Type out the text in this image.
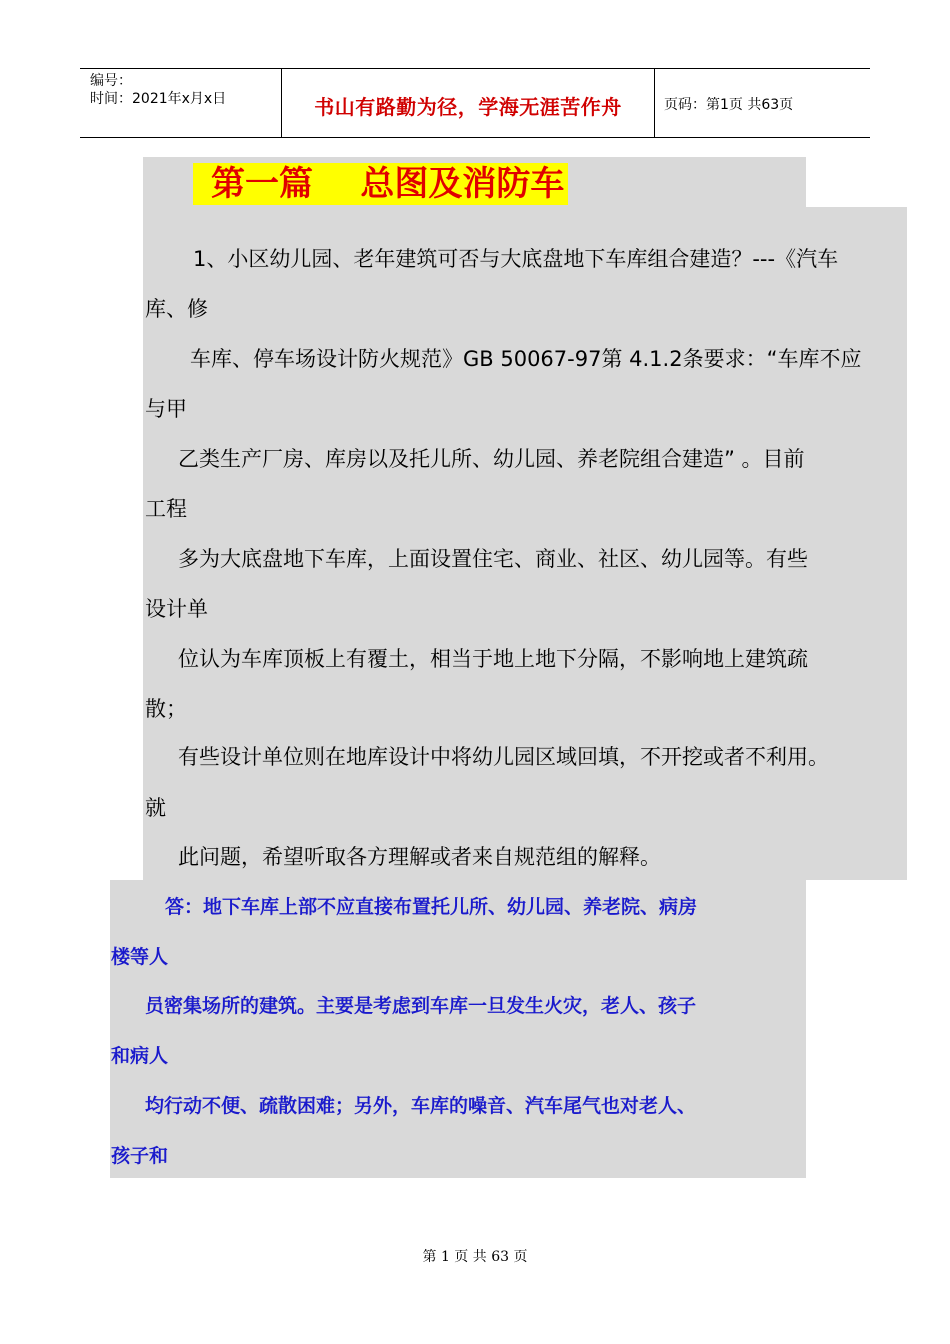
编号：
时间：2021年x月x日	书山有路勤为径，学海无涯苦作舟	页码：第1页 共63页
第一篇    总图及消防车
1、小区幼儿园、老年建筑可否与大底盘地下车库组合建造？---《汽车
库、修
车库、停车场设计防火规范》GB 50067-97第 4.1.2条要求：“车库不应
与甲
乙类生产厂房、库房以及托儿所、幼儿园、养老院组合建造” 。目前
工程
多为大底盘地下车库，上面设置住宅、商业、社区、幼儿园等。有些
设计单
位认为车库顶板上有覆土，相当于地上地下分隔，不影响地上建筑疏
散；
有些设计单位则在地库设计中将幼儿园区域回填，不开挖或者不利用。
就
此问题，希望听取各方理解或者来自规范组的解释。
答：地下车库上部不应直接布置托儿所、幼儿园、养老院、病房
楼等人
员密集场所的建筑。主要是考虑到车库一旦发生火灾，老人、孩子
和病人
均行动不便、疏散困难；另外，车库的噪音、汽车尾气也对老人、
孩子和
第 1 页 共 63 页
